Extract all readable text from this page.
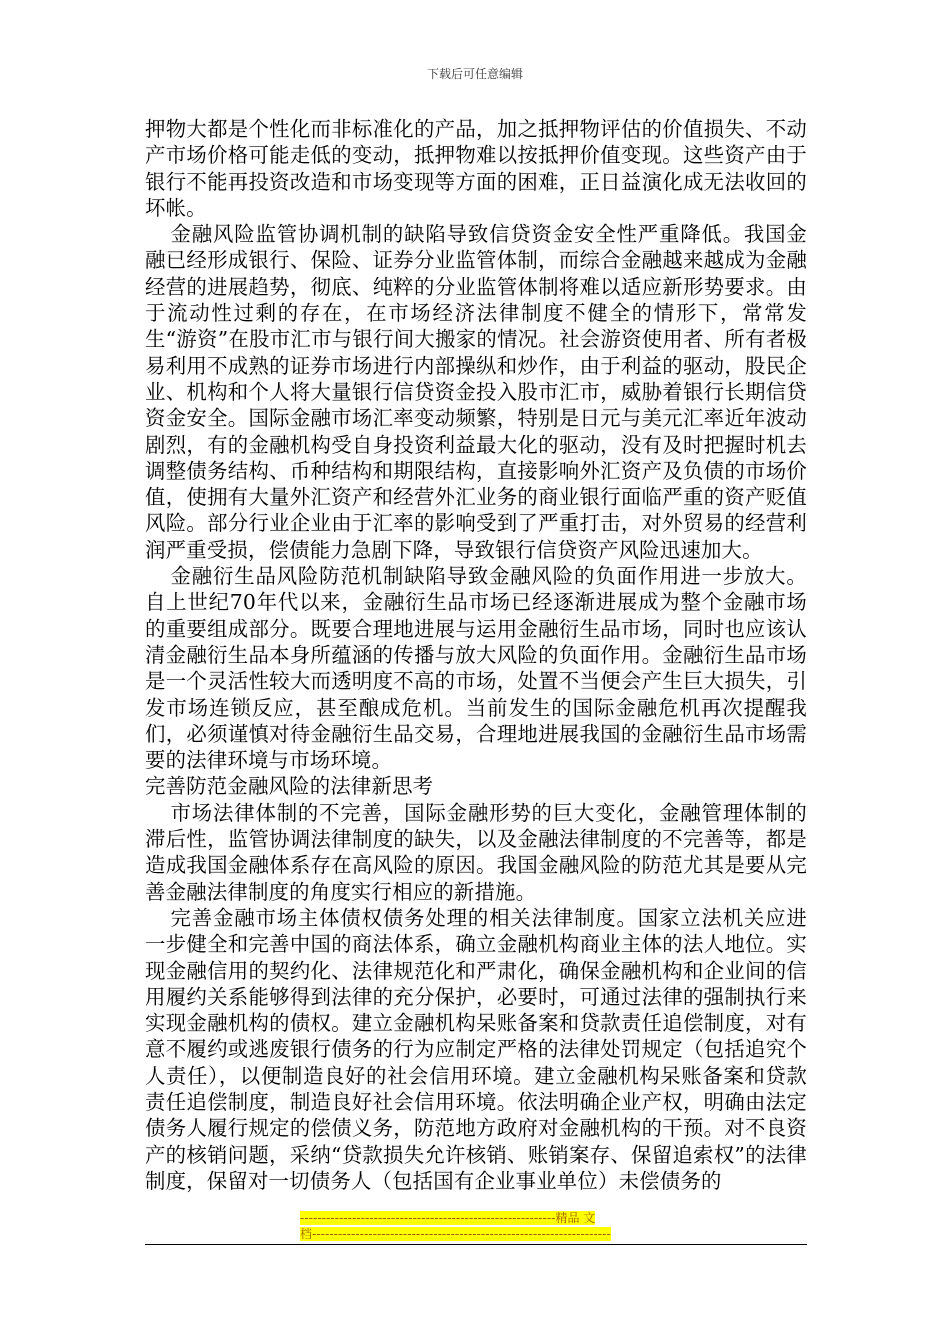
下载后可任意编辑

押物大都是个性化而非标准化的产品，加之抵押物评估的价值损失、不动产市场价格可能走低的变动，抵押物难以按抵押价值变现。这些资产由于银行不能再投资改造和市场变现等方面的困难，正日益演化成无法收回的坏帐。

金融风险监管协调机制的缺陷导致信贷资金安全性严重降低。我国金融已经形成银行、保险、证券分业监管体制，而综合金融越来越成为金融经营的进展趋势，彻底、纯粹的分业监管体制将难以适应新形势要求。由于流动性过剩的存在，在市场经济法律制度不健全的情形下，常常发生“游资”在股市汇市与银行间大搬家的情况。社会游资使用者、所有者极易利用不成熟的证券市场进行内部操纵和炒作，由于利益的驱动，股民企业、机构和个人将大量银行信贷资金投入股市汇市，威胁着银行长期信贷资金安全。国际金融市场汇率变动频繁，特别是日元与美元汇率近年波动剧烈，有的金融机构受自身投资利益最大化的驱动，没有及时把握时机去调整债务结构、币种结构和期限结构，直接影响外汇资产及负债的市场价值，使拥有大量外汇资产和经营外汇业务的商业银行面临严重的资产贬值风险。部分行业企业由于汇率的影响受到了严重打击，对外贸易的经营利润严重受损，偿债能力急剧下降，导致银行信贷资产风险迅速加大。

金融衍生品风险防范机制缺陷导致金融风险的负面作用进一步放大。自上世纪70年代以来，金融衍生品市场已经逐渐进展成为整个金融市场的重要组成部分。既要合理地进展与运用金融衍生品市场，同时也应该认清金融衍生品本身所蕴涵的传播与放大风险的负面作用。金融衍生品市场是一个灵活性较大而透明度不高的市场，处置不当便会产生巨大损失，引发市场连锁反应，甚至酿成危机。当前发生的国际金融危机再次提醒我们，必须谨慎对待金融衍生品交易，合理地进展我国的金融衍生品市场需要的法律环境与市场环境。

完善防范金融风险的法律新思考

市场法律体制的不完善，国际金融形势的巨大变化，金融管理体制的滞后性，监管协调法律制度的缺失，以及金融法律制度的不完善等，都是造成我国金融体系存在高风险的原因。我国金融风险的防范尤其是要从完善金融法律制度的角度实行相应的新措施。

完善金融市场主体债权债务处理的相关法律制度。国家立法机关应进一步健全和完善中国的商法体系，确立金融机构商业主体的法人地位。实现金融信用的契约化、法律规范化和严肃化，确保金融机构和企业间的信用履约关系能够得到法律的充分保护，必要时，可通过法律的强制执行来实现金融机构的债权。建立金融机构呆账备案和贷款责任追偿制度，对有意不履约或逃废银行债务的行为应制定严格的法律处罚规定（包括追究个人责任），以便制造良好的社会信用环境。建立金融机构呆账备案和贷款责任追偿制度，制造良好社会信用环境。依法明确企业产权，明确由法定债务人履行规定的偿债义务，防范地方政府对金融机构的干预。对不良资产的核销问题，采纳“贷款损失允许核销、账销案存、保留追索权”的法律制度，保留对一切债务人（包括国有企业事业单位）未偿债务的

-----------------------------------------------------------精品 文
档---------------------------------------------------------------------
